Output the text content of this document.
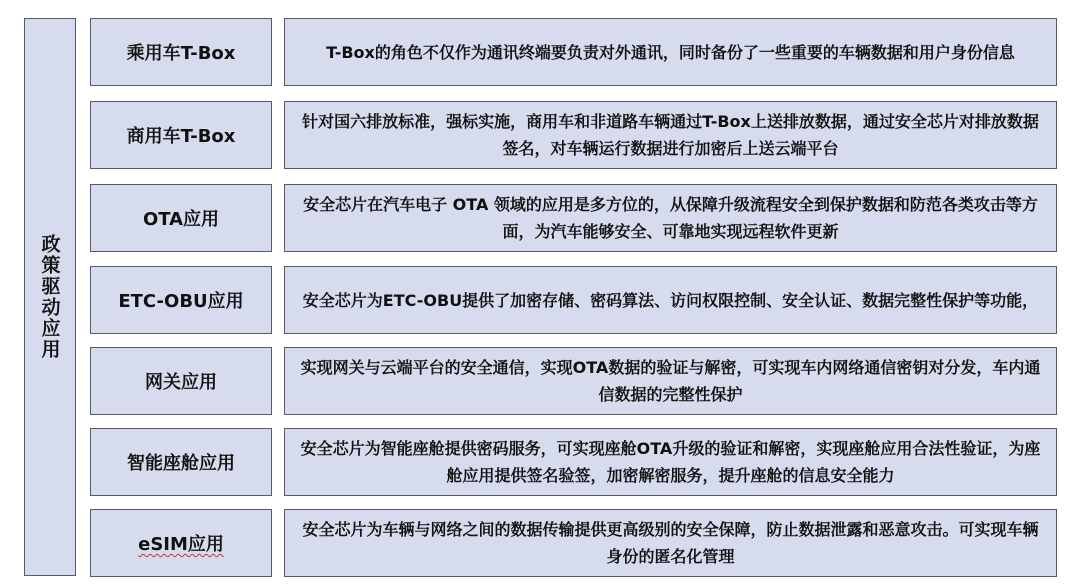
政策驱动应用
乘用车T-Box	T-Box的角色不仅作为通讯终端要负责对外通讯，同时备份了一些重要的车辆数据和用户身份信息
商用车T-Box
针对国六排放标准，强标实施，商用车和非道路车辆通过T-Box上送排放数据，通过安全芯片对排放数据签名，对车辆运行数据进行加密后上送云端平台
OTA应用
安全芯片在汽车电子 OTA 领域的应用是多方位的，从保障升级流程安全到保护数据和防范各类攻击等方面，为汽车能够安全、可靠地实现远程软件更新
ETC-OBU应用	安全芯片为ETC-OBU提供了加密存储、密码算法、访问权限控制、安全认证、数据完整性保护等功能，
网关应用
实现网关与云端平台的安全通信，实现OTA数据的验证与解密，可实现车内网络通信密钥对分发，车内通信数据的完整性保护
智能座舱应用
安全芯片为智能座舱提供密码服务，可实现座舱OTA升级的验证和解密，实现座舱应用合法性验证，为座舱应用提供签名验签，加密解密服务，提升座舱的信息安全能力
eSIM应用
安全芯片为车辆与网络之间的数据传输提供更高级别的安全保障，防止数据泄露和恶意攻击。可实现车辆身份的匿名化管理
